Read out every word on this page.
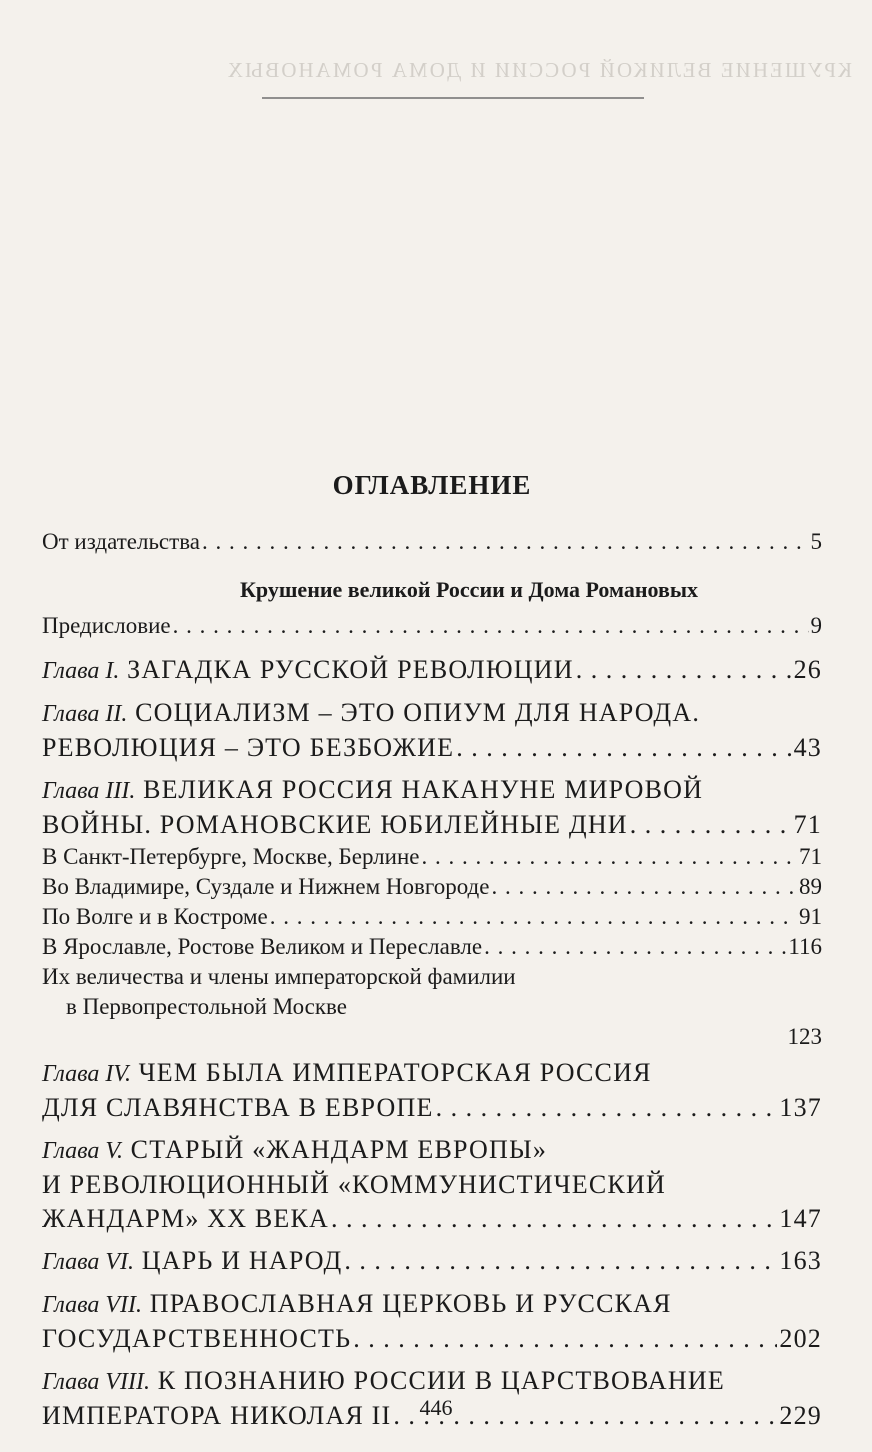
КРУШЕНИЕ ВЕЛИКОЙ РОССИИ И ДОМА РОМАНОВЫХ
ОГЛАВЛЕНИЕ
От издательства . . .	5
Крушение великой России и Дома Романовых
Предисловие . . .	9
Глава I. ЗАГАДКА РУССКОЙ РЕВОЛЮЦИИ . . .	26
Глава II. СОЦИАЛИЗМ – ЭТО ОПИУМ ДЛЯ НАРОДА.
РЕВОЛЮЦИЯ – ЭТО БЕЗБОЖИЕ . . .	43
Глава III. ВЕЛИКАЯ РОССИЯ НАКАНУНЕ МИРОВОЙ
ВОЙНЫ. РОМАНОВСКИЕ ЮБИЛЕЙНЫЕ ДНИ . . .	71
В Санкт-Петербурге, Москве, Берлине . . .	71
Во Владимире, Суздале и Нижнем Новгороде . . .	89
По Волге и в Костроме . . .	91
В Ярославле, Ростове Великом и Переславле . . .	116
Их величества и члены императорской фамилии
в Первопрестольной Москве
123
Глава IV. ЧЕМ БЫЛА ИМПЕРАТОРСКАЯ РОССИЯ
ДЛЯ СЛАВЯНСТВА В ЕВРОПЕ . . .	137
Глава V. СТАРЫЙ «ЖАНДАРМ ЕВРОПЫ»
И РЕВОЛЮЦИОННЫЙ «КОММУНИСТИЧЕСКИЙ
ЖАНДАРМ» XX ВЕКА . . .	147
Глава VI. ЦАРЬ И НАРОД . . .	163
Глава VII. ПРАВОСЛАВНАЯ ЦЕРКОВЬ И РУССКАЯ
ГОСУДАРСТВЕННОСТЬ . . .	202
Глава VIII. К ПОЗНАНИЮ РОССИИ В ЦАРСТВОВАНИЕ
ИМПЕРАТОРА НИКОЛАЯ II . . .	229
446
